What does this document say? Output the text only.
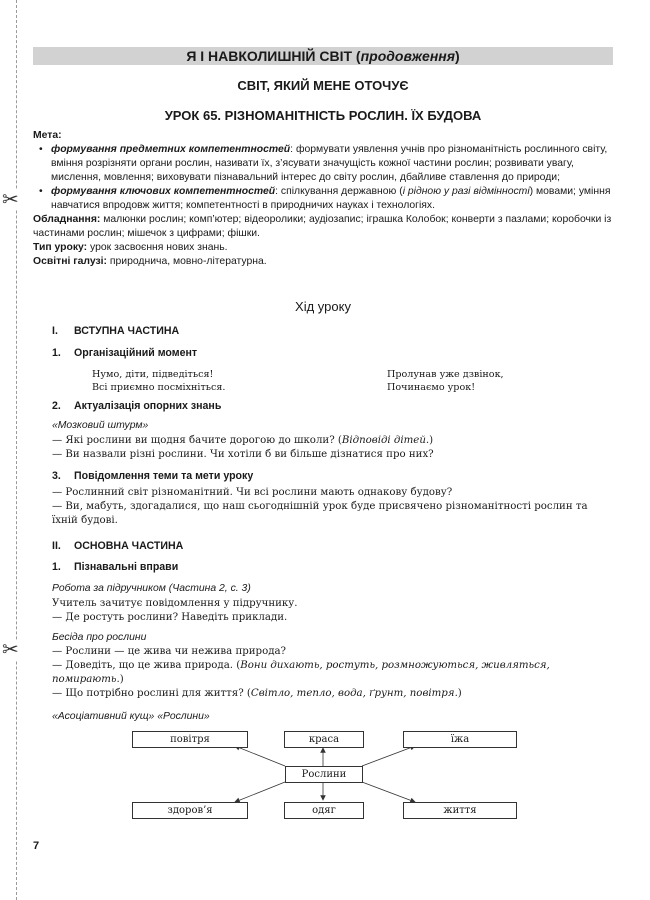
✂
✂
Я І НАВКОЛИШНІЙ СВІТ (продовження)
СВІТ, ЯКИЙ МЕНЕ ОТОЧУЄ
УРОК 65. РІЗНОМАНІТНІСТЬ РОСЛИН. ЇХ БУДОВА
Мета:
• формування предметних компетентностей: формувати уявлення учнів про різноманітність рослинного світу, вміння розрізняти органи рослин, називати їх, з’ясувати значущість кожної частини рослин; розвивати увагу, мислення, мовлення; виховувати пізнавальний інтерес до світу рослин, дбайливе ставлення до природи;
• формування ключових компетентностей: спілкування державною (і рідною у разі відмінності) мовами; уміння навчатися впродовж життя; компетентності в природничих науках і технологіях.
Обладнання: малюнки рослин; комп’ютер; відеоролики; аудіозапис; іграшка Колобок; конверти з пазлами; коробочки із частинами рослин; мішечок з цифрами; фішки.
Тип уроку: урок засвоєння нових знань.
Освітні галузі: природнича, мовно-літературна.
Хід уроку
I. ВСТУПНА ЧАСТИНА
1. Організаційний момент
Нумо, діти, підведіться!
Всі приємно посміхніться.
Пролунав уже дзвінок,
Починаємо урок!
2. Актуалізація опорних знань
«Мозковий штурм»
— Які рослини ви щодня бачите дорогою до школи? (Відповіді дітей.)
— Ви назвали різні рослини. Чи хотіли б ви більше дізнатися про них?
3. Повідомлення теми та мети уроку
— Рослинний світ різноманітний. Чи всі рослини мають однакову будову?
— Ви, мабуть, здогадалися, що наш сьогоднішній урок буде присвячено різноманітності рослин та їхній будові.
II. ОСНОВНА ЧАСТИНА
1. Пізнавальні вправи
Робота за підручником (Частина 2, с. 3)
Учитель зачитує повідомлення у підручнику.
— Де ростуть рослини? Наведіть приклади.
Бесіда про рослини
— Рослини — це жива чи нежива природа?
— Доведіть, що це жива природа. (Вони дихають, ростуть, розмножуються, живляться, помирають.)
— Що потрібно рослині для життя? (Світло, тепло, вода, ґрунт, повітря.)
«Асоціативний кущ» «Рослини»
повітря	краса	їжа
Рослини
здоров’я	одяг	життя
7
